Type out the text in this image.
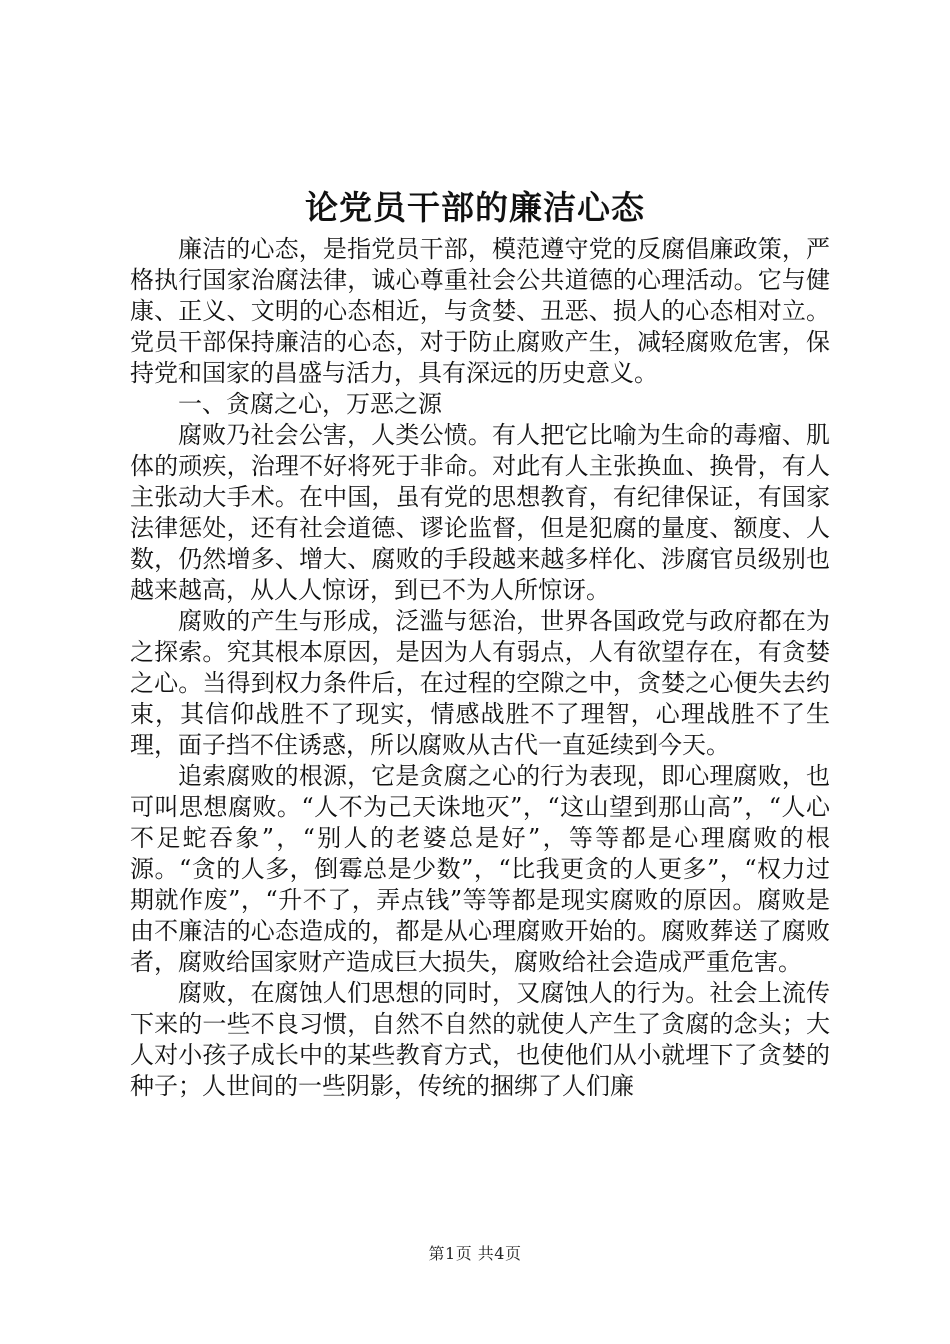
论党员干部的廉洁心态

廉洁的心态，是指党员干部，模范遵守党的反腐倡廉政策，严格执行国家治腐法律，诚心尊重社会公共道德的心理活动。它与健康、正义、文明的心态相近，与贪婪、丑恶、损人的心态相对立。党员干部保持廉洁的心态，对于防止腐败产生，减轻腐败危害，保持党和国家的昌盛与活力，具有深远的历史意义。

一、贪腐之心，万恶之源

腐败乃社会公害，人类公愤。有人把它比喻为生命的毒瘤、肌体的顽疾，治理不好将死于非命。对此有人主张换血、换骨，有人主张动大手术。在中国，虽有党的思想教育，有纪律保证，有国家法律惩处，还有社会道德、谬论监督，但是犯腐的量度、额度、人数，仍然增多、增大、腐败的手段越来越多样化、涉腐官员级别也越来越高，从人人惊讶，到已不为人所惊讶。

腐败的产生与形成，泛滥与惩治，世界各国政党与政府都在为之探索。究其根本原因，是因为人有弱点，人有欲望存在，有贪婪之心。当得到权力条件后，在过程的空隙之中，贪婪之心便失去约束，其信仰战胜不了现实，情感战胜不了理智，心理战胜不了生理，面子挡不住诱惑，所以腐败从古代一直延续到今天。

追索腐败的根源，它是贪腐之心的行为表现，即心理腐败，也可叫思想腐败。“人不为己天诛地灭”，“这山望到那山高”，“人心不足蛇吞象”，“别人的老婆总是好”，等等都是心理腐败的根源。“贪的人多，倒霉总是少数”，“比我更贪的人更多”，“权力过期就作废”，“升不了，弄点钱”等等都是现实腐败的原因。腐败是由不廉洁的心态造成的，都是从心理腐败开始的。腐败葬送了腐败者，腐败给国家财产造成巨大损失，腐败给社会造成严重危害。

腐败，在腐蚀人们思想的同时，又腐蚀人的行为。社会上流传下来的一些不良习惯，自然不自然的就使人产生了贪腐的念头；大人对小孩子成长中的某些教育方式，也使他们从小就埋下了贪婪的种子；人世间的一些阴影，传统的捆绑了人们廉

第1页 共4页
